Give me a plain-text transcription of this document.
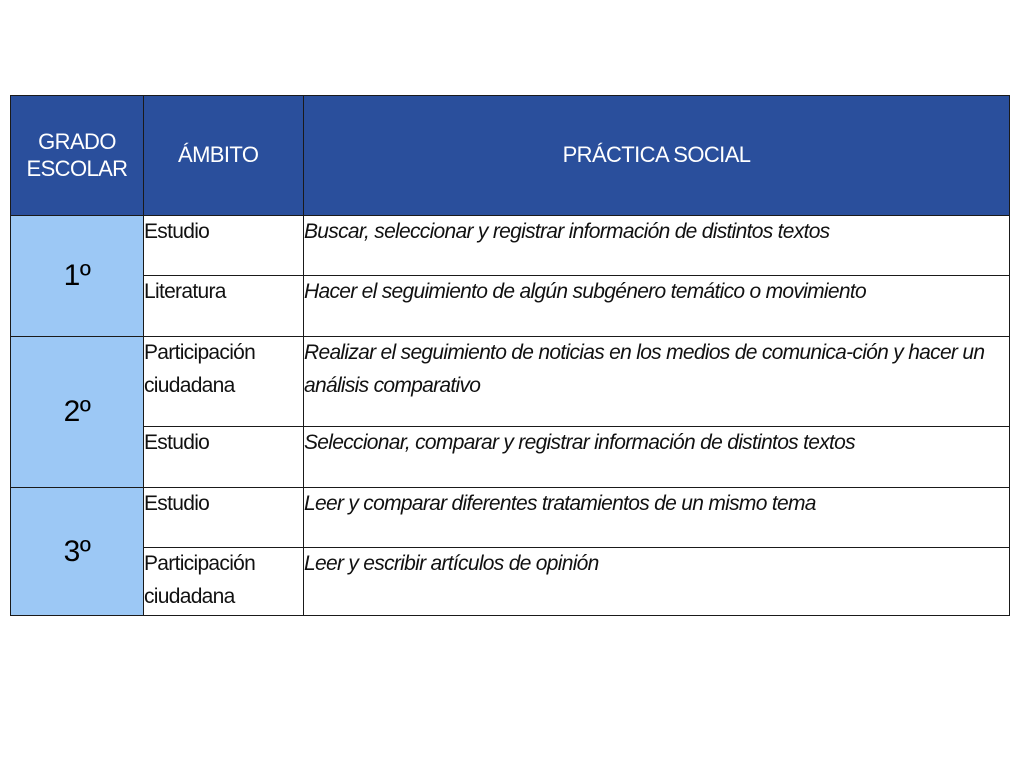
GRADO
ESCOLAR	ÁMBITO	PRÁCTICA SOCIAL
1º	Estudio	Buscar, seleccionar y registrar información de distintos textos
	Literatura	Hacer el seguimiento de algún subgénero temático o movimiento
2º	Participación ciudadana	Realizar el seguimiento de noticias en los medios de comunica-ción y hacer un análisis comparativo
	Estudio	Seleccionar, comparar y registrar información de distintos textos
3º	Estudio	Leer y comparar diferentes tratamientos de un mismo tema
	Participación ciudadana	Leer y escribir artículos de opinión
